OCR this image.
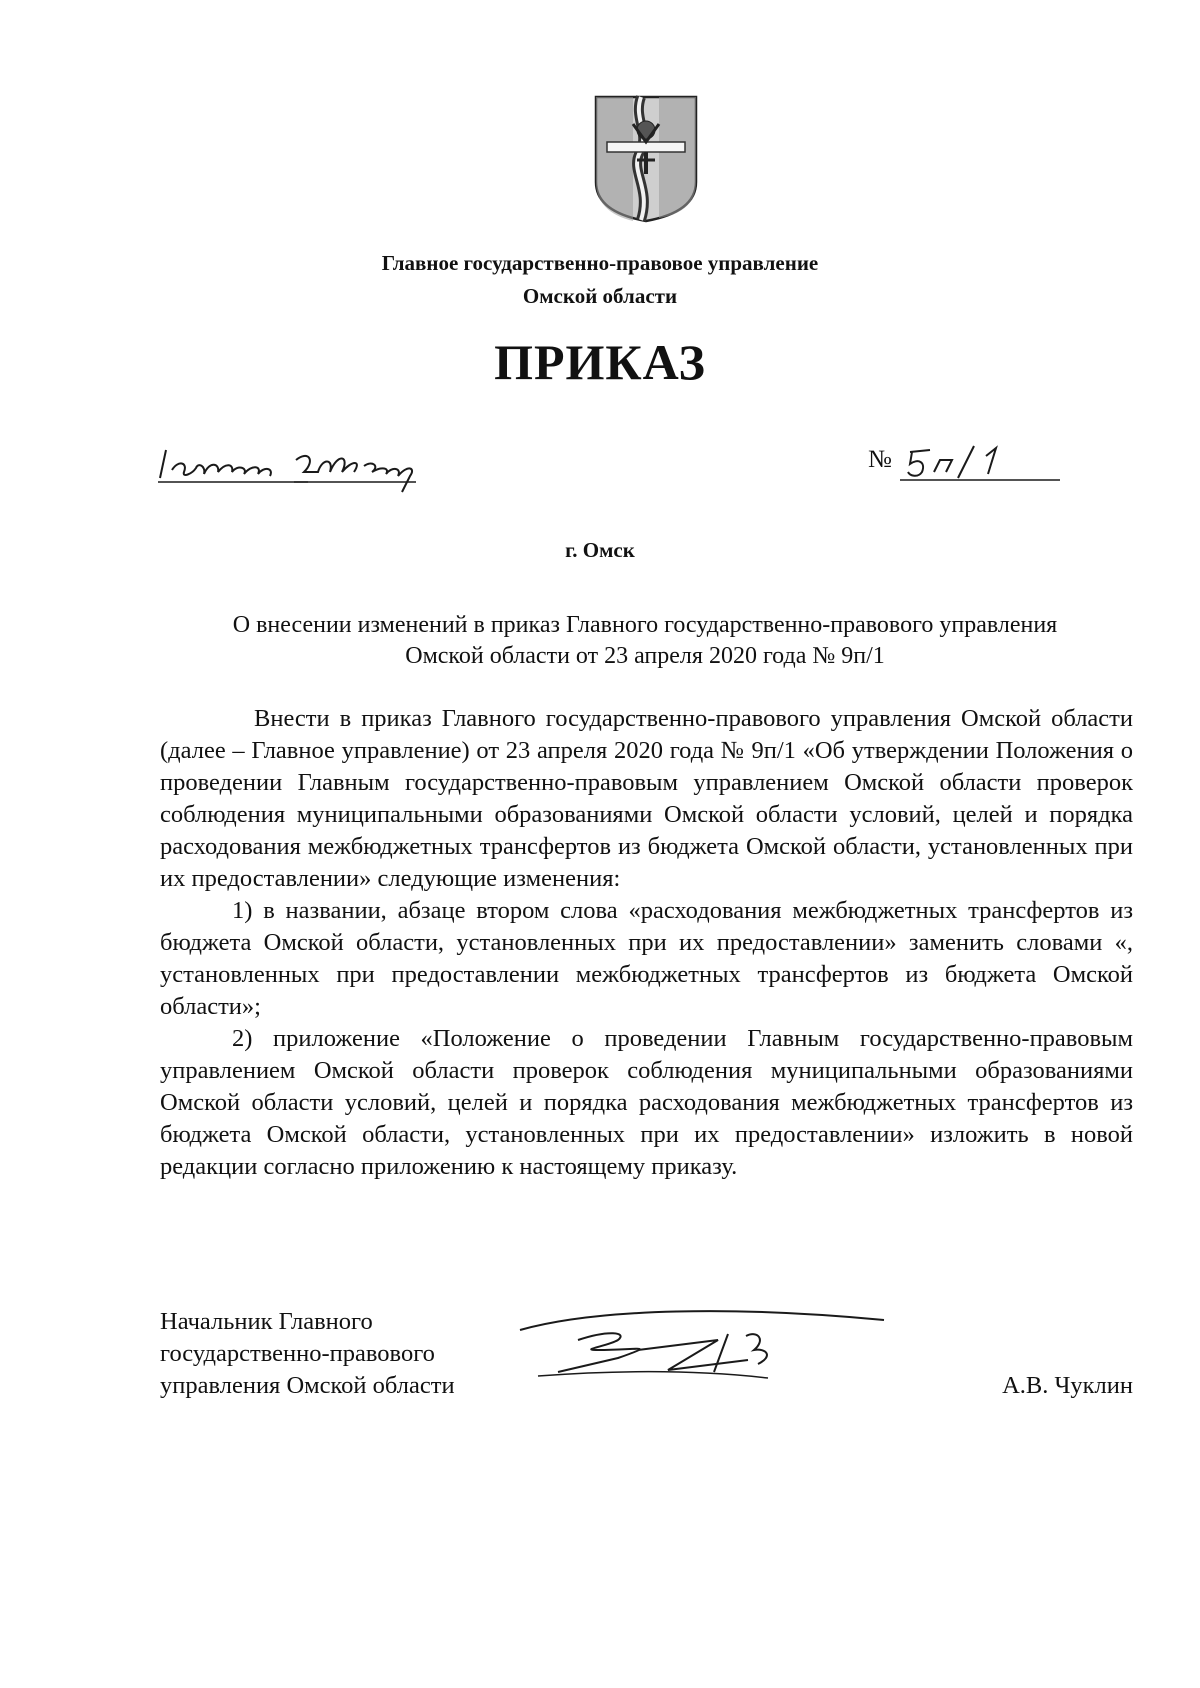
Главное государственно-правовое управление
Омской области
ПРИКАЗ
№
г. Омск
О внесении изменений в приказ Главного государственно-правового управления
Омской области от 23 апреля 2020 года № 9п/1

Внести в приказ Главного государственно-правового управления Омской области (далее – Главное управление) от 23 апреля 2020 года № 9п/1 «Об утверждении Положения о проведении Главным государственно-правовым управлением Омской области проверок соблюдения муниципальными образованиями Омской области условий, целей и порядка расходования межбюджетных трансфертов из бюджета Омской области, установленных при их предоставлении» следующие изменения:

1) в названии, абзаце втором слова «расходования межбюджетных трансфертов из бюджета Омской области, установленных при их предоставлении» заменить словами «, установленных при предоставлении межбюджетных трансфертов из бюджета Омской области»;

2) приложение «Положение о проведении Главным государственно-правовым управлением Омской области проверок соблюдения муниципальными образованиями Омской области условий, целей и порядка расходования межбюджетных трансфертов из бюджета Омской области, установленных при их предоставлении» изложить в новой редакции согласно приложению к настоящему приказу.

Начальник Главного
государственно-правового
управления Омской области	А.В. Чуклин
